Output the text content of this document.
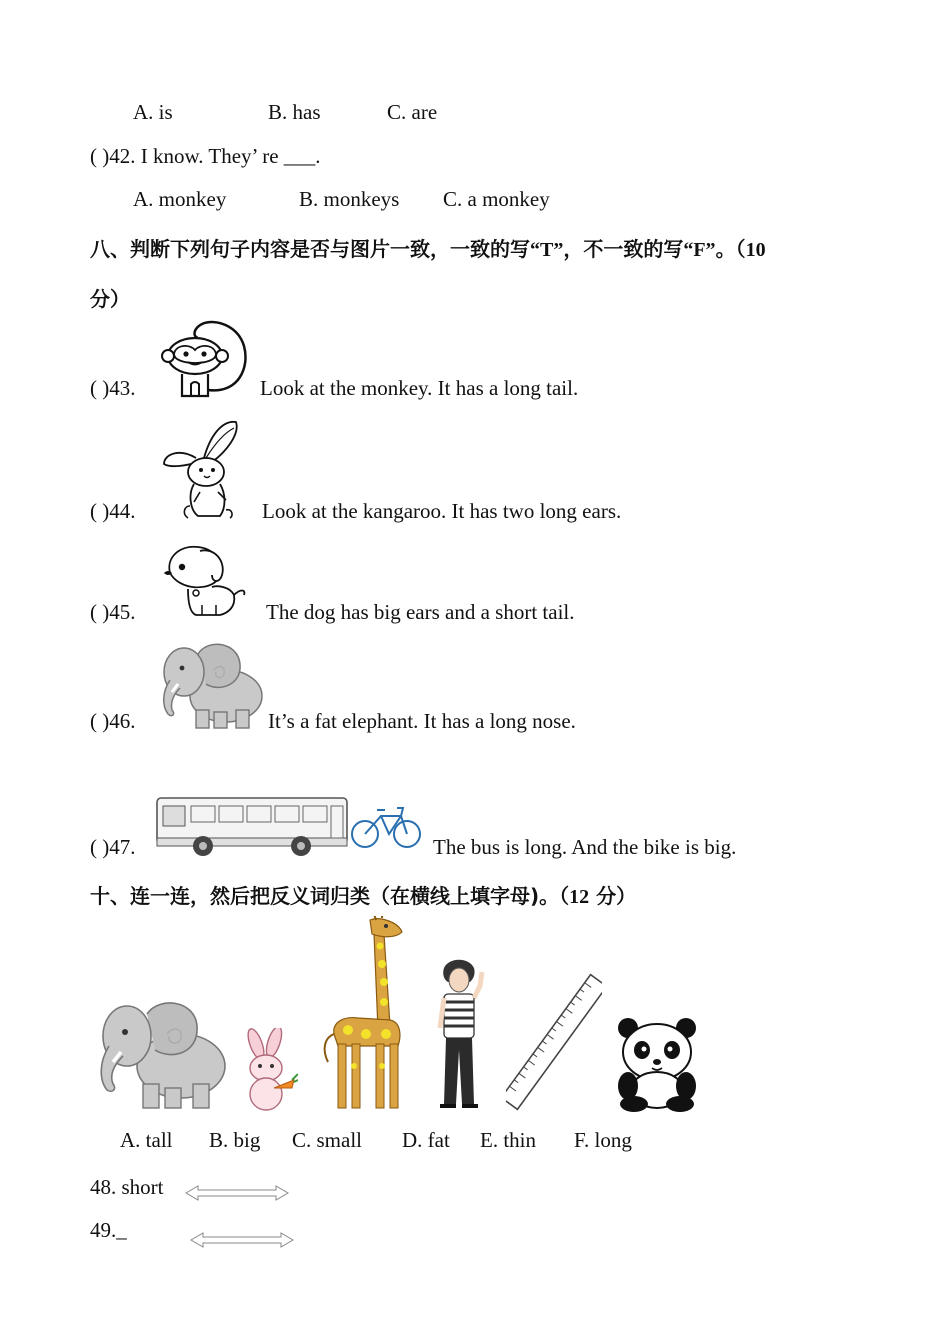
A. is	B. has	C. are
( )42. I know. They’ re ___.
A. monkey	B. monkeys C. a monkey
八、判断下列句子内容是否与图片一致，一致的写“T”，不一致的写“F”。（10
分）
( )43.	Look at the monkey. It has a long tail.
( )44.	Look at the kangaroo. It has two long ears.
( )45.	The dog has big ears and a short tail.
( )46.	It’s a fat elephant. It has a long nose.
( )47.	The bus is long. And the bike is big.
十、连一连，然后把反义词归类（在横线上填字母)。（12 分）
A. tall B. big C. small D. fat E. thin F. long
48. short
49._
